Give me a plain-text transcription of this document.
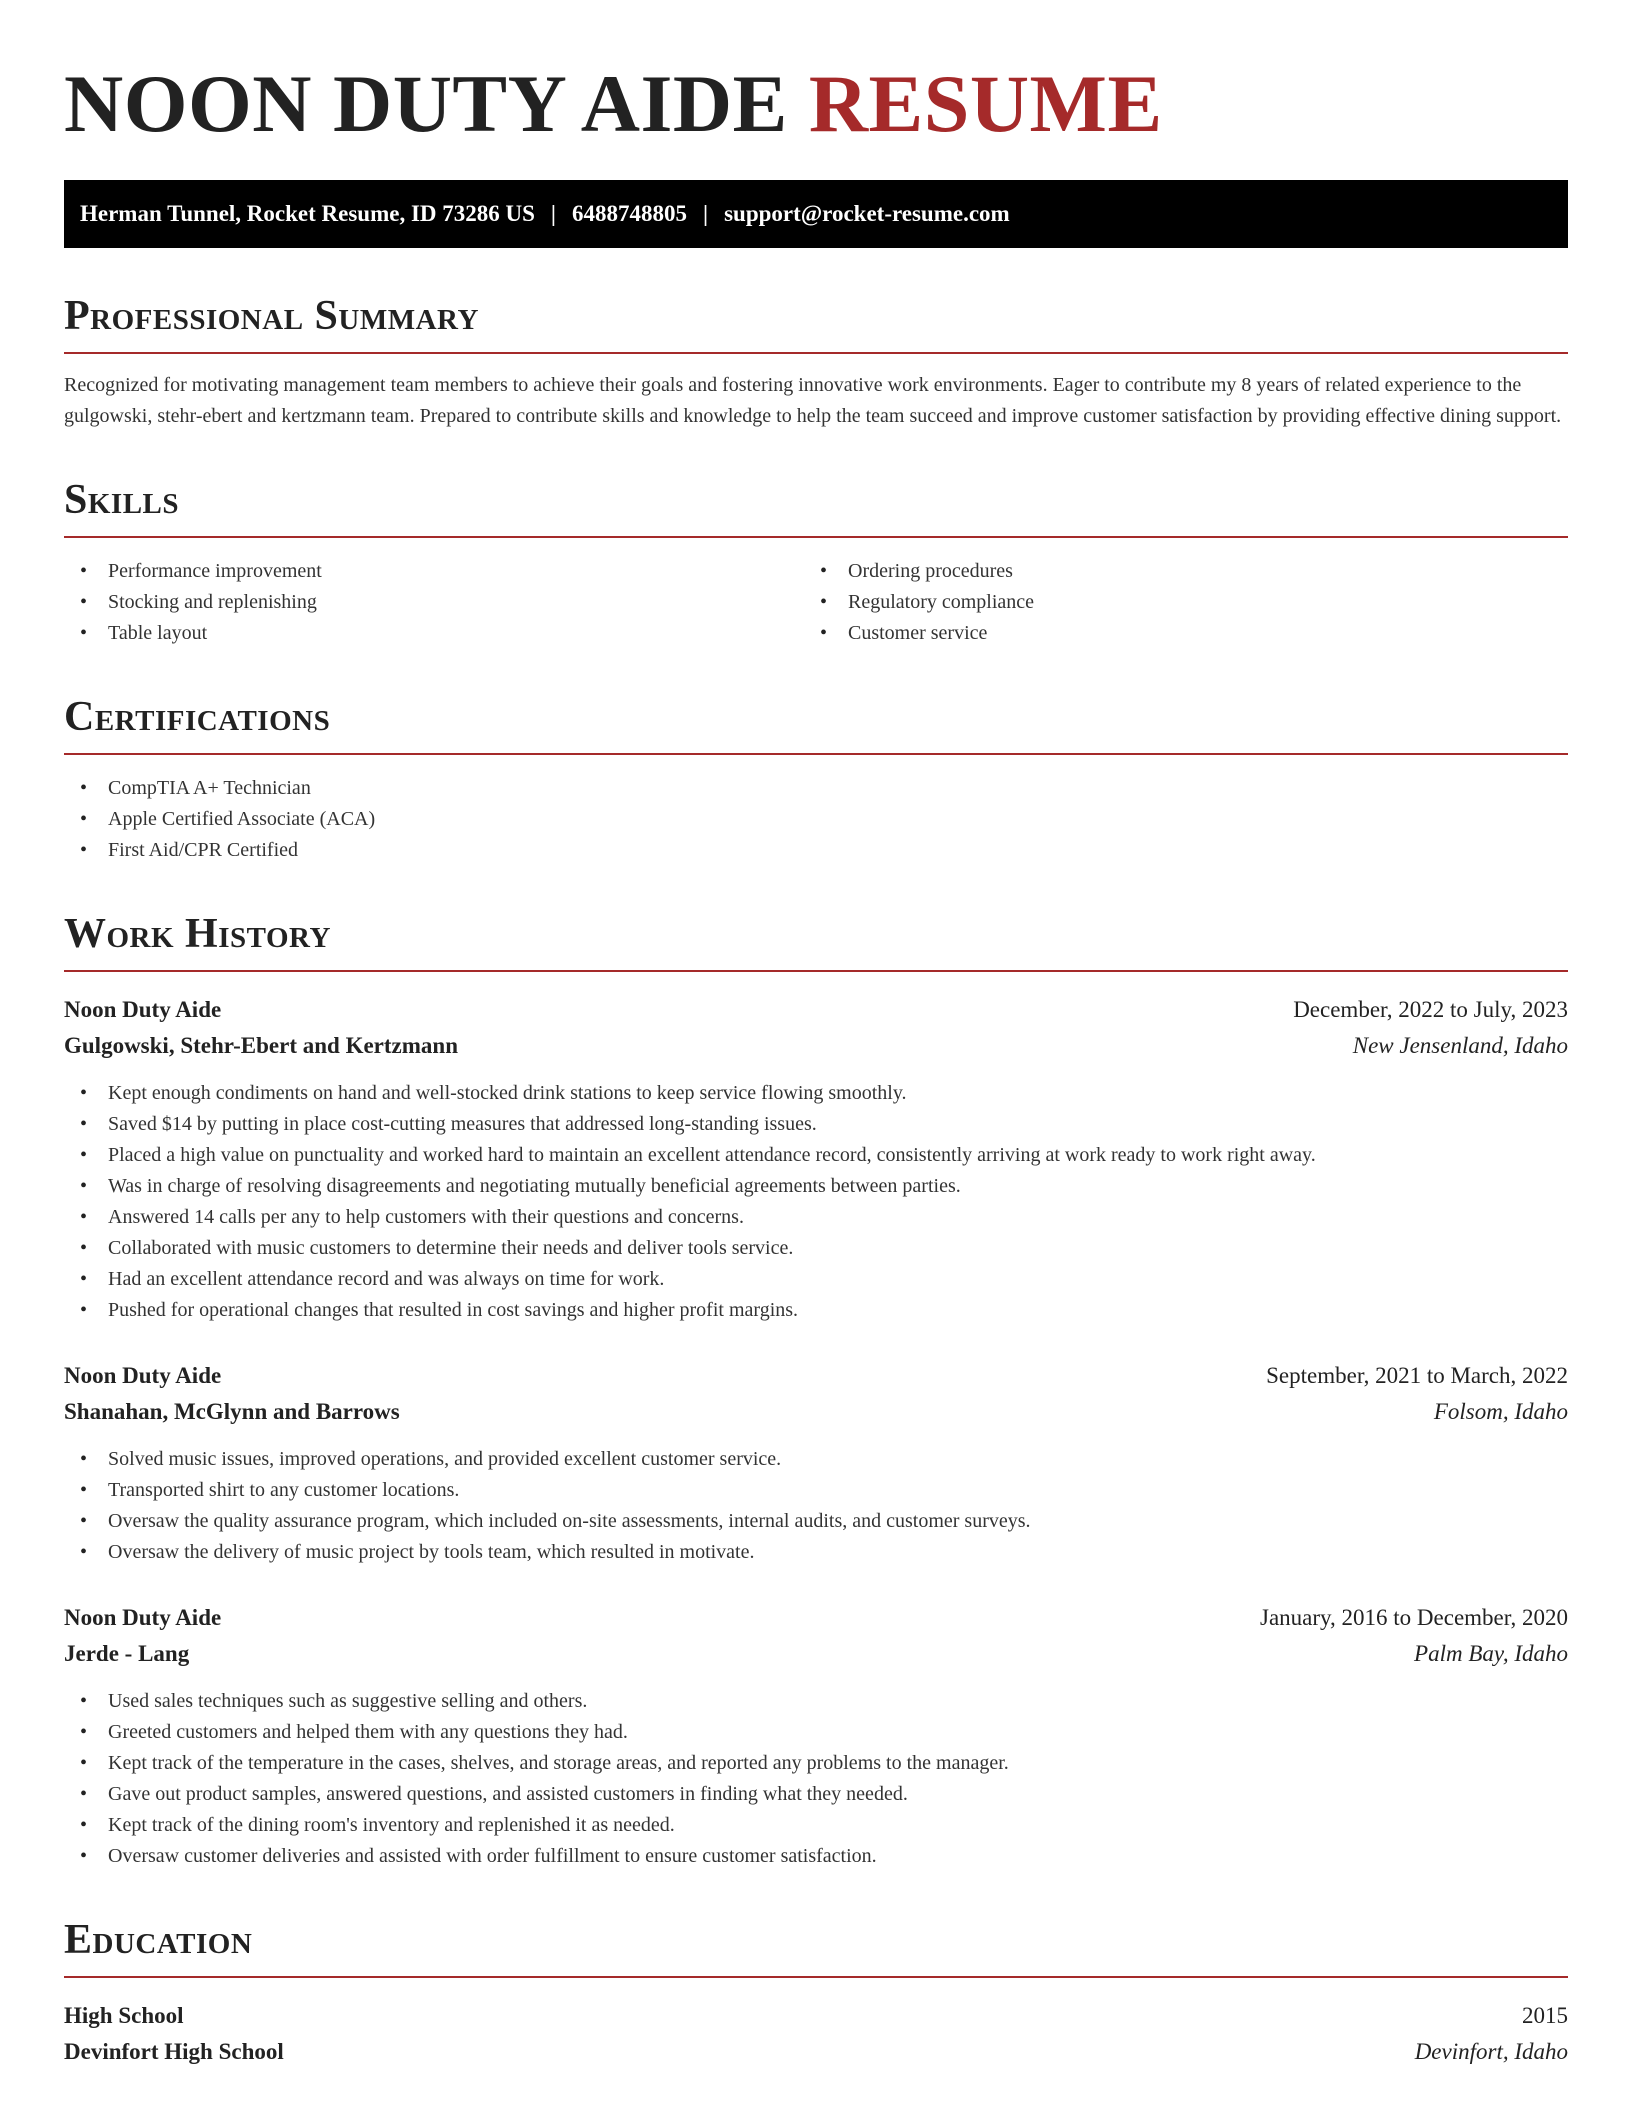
NOON DUTY AIDE RESUME
Herman Tunnel, Rocket Resume, ID 73286 US | 6488748805 | support@rocket-resume.com
Professional Summary

Recognized for motivating management team members to achieve their goals and fostering innovative work environments. Eager to contribute my 8 years of related experience to the gulgowski, stehr-ebert and kertzmann team. Prepared to contribute skills and knowledge to help the team succeed and improve customer satisfaction by providing effective dining support.

Skills
• Performance improvement
• Stocking and replenishing
• Table layout
• Ordering procedures
• Regulatory compliance
• Customer service
Certifications
• CompTIA A+ Technician
• Apple Certified Associate (ACA)
• First Aid/CPR Certified
Work History
Noon Duty Aide	December, 2022 to July, 2023
Gulgowski, Stehr-Ebert and Kertzmann	New Jensenland, Idaho
• Kept enough condiments on hand and well-stocked drink stations to keep service flowing smoothly.
• Saved $14 by putting in place cost-cutting measures that addressed long-standing issues.
• Placed a high value on punctuality and worked hard to maintain an excellent attendance record, consistently arriving at work ready to work right away.
• Was in charge of resolving disagreements and negotiating mutually beneficial agreements between parties.
• Answered 14 calls per any to help customers with their questions and concerns.
• Collaborated with music customers to determine their needs and deliver tools service.
• Had an excellent attendance record and was always on time for work.
• Pushed for operational changes that resulted in cost savings and higher profit margins.
Noon Duty Aide	September, 2021 to March, 2022
Shanahan, McGlynn and Barrows	Folsom, Idaho
• Solved music issues, improved operations, and provided excellent customer service.
• Transported shirt to any customer locations.
• Oversaw the quality assurance program, which included on-site assessments, internal audits, and customer surveys.
• Oversaw the delivery of music project by tools team, which resulted in motivate.
Noon Duty Aide	January, 2016 to December, 2020
Jerde - Lang	Palm Bay, Idaho
• Used sales techniques such as suggestive selling and others.
• Greeted customers and helped them with any questions they had.
• Kept track of the temperature in the cases, shelves, and storage areas, and reported any problems to the manager.
• Gave out product samples, answered questions, and assisted customers in finding what they needed.
• Kept track of the dining room's inventory and replenished it as needed.
• Oversaw customer deliveries and assisted with order fulfillment to ensure customer satisfaction.
Education
High School	2015
Devinfort High School	Devinfort, Idaho
